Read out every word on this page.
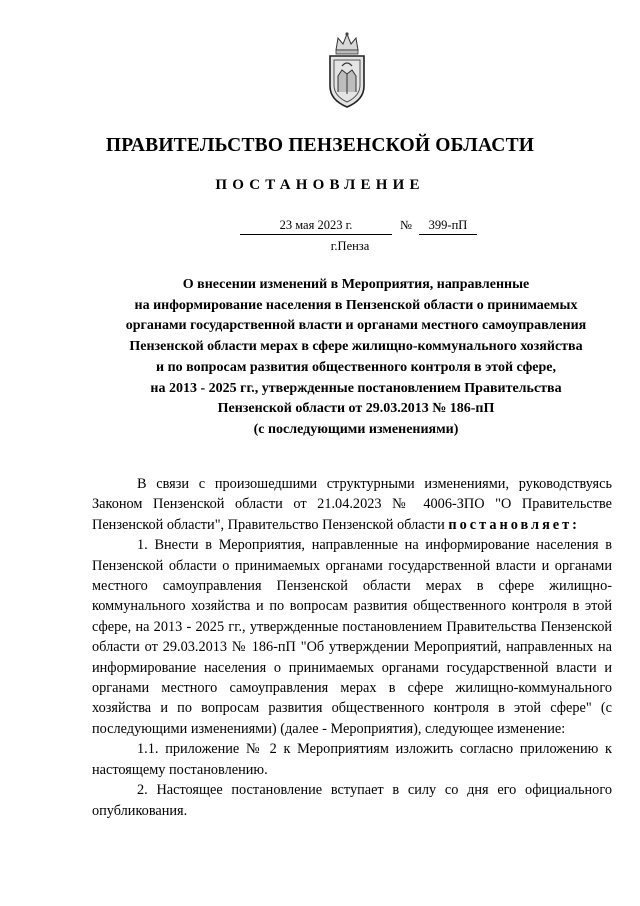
ПРАВИТЕЛЬСТВО ПЕНЗЕНСКОЙ ОБЛАСТИ
ПОСТАНОВЛЕНИЕ
23 мая 2023 г.	№	399-пП
г.Пенза
О внесении изменений в Мероприятия, направленные
на информирование населения в Пензенской области о принимаемых
органами государственной власти и органами местного самоуправления
Пензенской области мерах в сфере жилищно-коммунального хозяйства
и по вопросам развития общественного контроля в этой сфере,
на 2013 - 2025 гг., утвержденные постановлением Правительства
Пензенской области от 29.03.2013 № 186-пП
(с последующими изменениями)

В связи с произошедшими структурными изменениями, руководствуясь Законом Пензенской области от 21.04.2023 № 4006-ЗПО "О Правительстве Пензенской области", Правительство Пензенской области постановляет:

1. Внести в Мероприятия, направленные на информирование населения в Пензенской области о принимаемых органами государственной власти и органами местного самоуправления Пензенской области мерах в сфере жилищно-коммунального хозяйства и по вопросам развития общественного контроля в этой сфере, на 2013 - 2025 гг., утвержденные постановлением Правительства Пензенской области от 29.03.2013 № 186-пП "Об утверждении Мероприятий, направленных на информирование населения о принимаемых органами государственной власти и органами местного самоуправления мерах в сфере жилищно-коммунального хозяйства и по вопросам развития общественного контроля в этой сфере" (с последующими изменениями) (далее - Мероприятия), следующее изменение:

1.1. приложение № 2 к Мероприятиям изложить согласно приложению к настоящему постановлению.

2. Настоящее постановление вступает в силу со дня его официального опубликования.
